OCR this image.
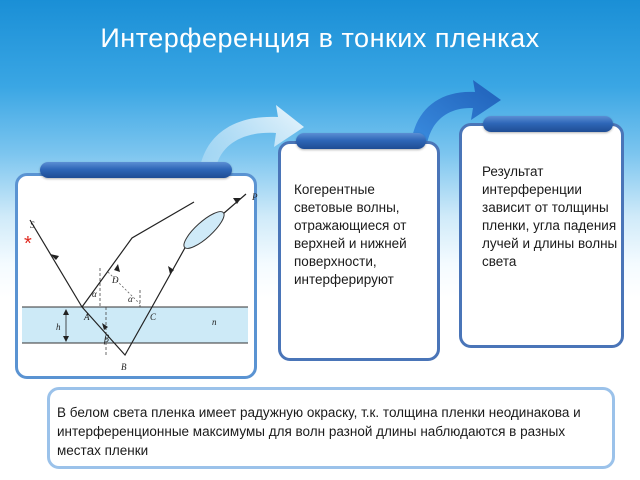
Интерференция в тонких пленках
S
*
P
D
α	α
A	C	n
h
β
B
Когерентные световые волны, отражающиеся от верхней и нижней поверхности, интерферируют
Результат интерференции зависит от толщины пленки, угла падения лучей и длины волны света
В белом света пленка имеет радужную окраску, т.к. толщина пленки неодинакова и интерференционные максимумы для волн разной длины наблюдаются в разных местах пленки
